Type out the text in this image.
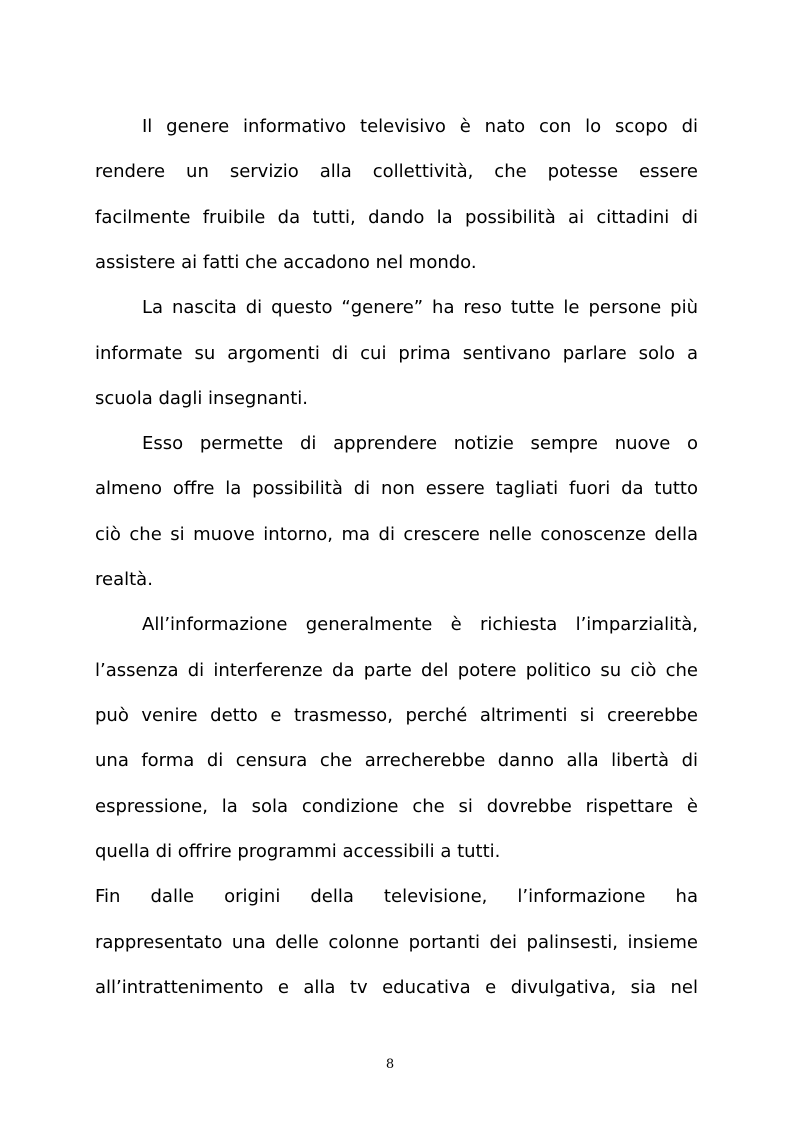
Il genere informativo televisivo è nato con lo scopo di

rendere un servizio alla collettività, che potesse essere

facilmente fruibile da tutti, dando la possibilità ai cittadini di

assistere ai fatti che accadono nel mondo.

La nascita di questo “genere” ha reso tutte le persone più

informate su argomenti di cui prima sentivano parlare solo a

scuola dagli insegnanti.

Esso permette di apprendere notizie sempre nuove o

almeno offre la possibilità di non essere tagliati fuori da tutto

ciò che si muove intorno, ma di crescere nelle conoscenze della

realtà.

All’informazione generalmente è richiesta l’imparzialità,

l’assenza di interferenze da parte del potere politico su ciò che

può venire detto e trasmesso, perché altrimenti si creerebbe

una forma di censura che arrecherebbe danno alla libertà di

espressione, la sola condizione che si dovrebbe rispettare è

quella di offrire programmi accessibili a tutti.

Fin dalle origini della televisione, l’informazione ha

rappresentato una delle colonne portanti dei palinsesti, insieme

all’intrattenimento e alla tv educativa e divulgativa, sia nel

8
